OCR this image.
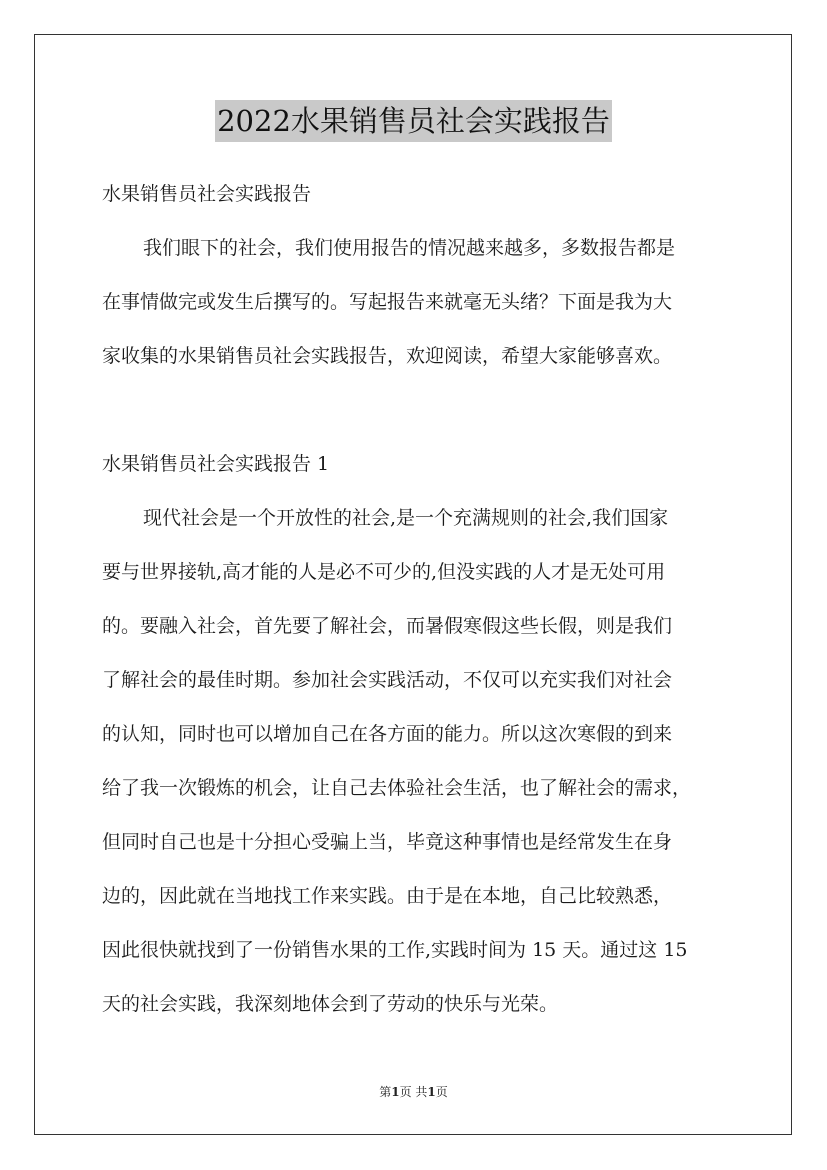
2022水果销售员社会实践报告
水果销售员社会实践报告
我们眼下的社会，我们使用报告的情况越来越多，多数报告都是
在事情做完或发生后撰写的。写起报告来就毫无头绪？下面是我为大
家收集的水果销售员社会实践报告，欢迎阅读，希望大家能够喜欢。
水果销售员社会实践报告 1
现代社会是一个开放性的社会,是一个充满规则的社会,我们国家
要与世界接轨,高才能的人是必不可少的,但没实践的人才是无处可用
的。要融入社会，首先要了解社会，而暑假寒假这些长假，则是我们
了解社会的最佳时期。参加社会实践活动，不仅可以充实我们对社会
的认知，同时也可以增加自己在各方面的能力。所以这次寒假的到来
给了我一次锻炼的机会，让自己去体验社会生活，也了解社会的需求，
但同时自己也是十分担心受骗上当，毕竟这种事情也是经常发生在身
边的，因此就在当地找工作来实践。由于是在本地，自己比较熟悉，
因此很快就找到了一份销售水果的工作,实践时间为 15 天。通过这 15
天的社会实践，我深刻地体会到了劳动的快乐与光荣。
第1页 共1页
